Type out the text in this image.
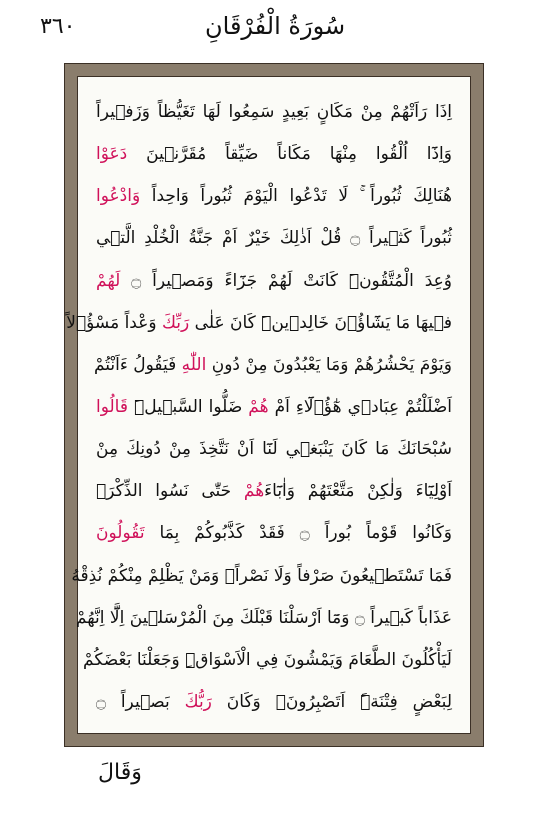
٣٦٠	سُورَةُ الْفُرْقَانِ
اِذَا رَاَتْهُمْ مِنْ مَكَانٍ بَعِيدٍ سَمِعُوا لَهَا تَغَيُّظاً وَزَف۪يراً
وَاِذَٓا اُلْقُوا مِنْهَا مَكَاناً ضَيِّقاً مُقَرَّن۪ينَ دَعَوْا
هُنَالِكَ ثُبُوراً ۚ لَا تَدْعُوا الْيَوْمَ ثُبُوراً وَاحِداً وَادْعُوا
ثُبُوراً كَث۪يراً ۝ قُلْ اَذٰلِكَ خَيْرٌ اَمْ جَنَّةُ الْخُلْدِ الَّت۪ي
وُعِدَ الْمُتَّقُونَۜ كَانَتْ لَهُمْ جَزَٓاءً وَمَص۪يراً ۝ لَهُمْ
ف۪يهَا مَا يَشَٓاؤُ۫نَ خَالِد۪ينَۜ كَانَ عَلٰى رَبِّكَ وَعْداً مَسْؤُ۫لاً
وَيَوْمَ يَحْشُرُهُمْ وَمَا يَعْبُدُونَ مِنْ دُونِ اللّٰهِ فَيَقُولُ ءَاَنْتُمْ
اَضْلَلْتُمْ عِبَاد۪ي هٰٓؤُ۬لَٓاءِ اَمْ هُمْ ضَلُّوا السَّب۪يلَۜ قَالُوا
سُبْحَانَكَ مَا كَانَ يَنْبَغ۪ي لَنَٓا اَنْ نَتَّخِذَ مِنْ دُونِكَ مِنْ
اَوْلِيَٓاءَ وَلٰكِنْ مَتَّعْتَهُمْ وَاٰبَٓاءَهُمْ حَتّٰى نَسُوا الذِّكْرَۚ
وَكَانُوا قَوْماً بُوراً ۝ فَقَدْ كَذَّبُوكُمْ بِمَا تَقُولُونَ
فَمَا تَسْتَط۪يعُونَ صَرْفاً وَلَا نَصْراًۚ وَمَنْ يَظْلِمْ مِنْكُمْ نُذِقْهُ
عَذَاباً كَب۪يراً ۝ وَمَٓا اَرْسَلْنَا قَبْلَكَ مِنَ الْمُرْسَل۪ينَ اِلَّٓا اِنَّهُمْ
لَيَأْكُلُونَ الطَّعَامَ وَيَمْشُونَ فِي الْاَسْوَاقِۜ وَجَعَلْنَا بَعْضَكُمْ
لِبَعْضٍ فِتْنَةًۜ اَتَصْبِرُونَۚ وَكَانَ رَبُّكَ بَص۪يراً ۝
وَقَالَ
